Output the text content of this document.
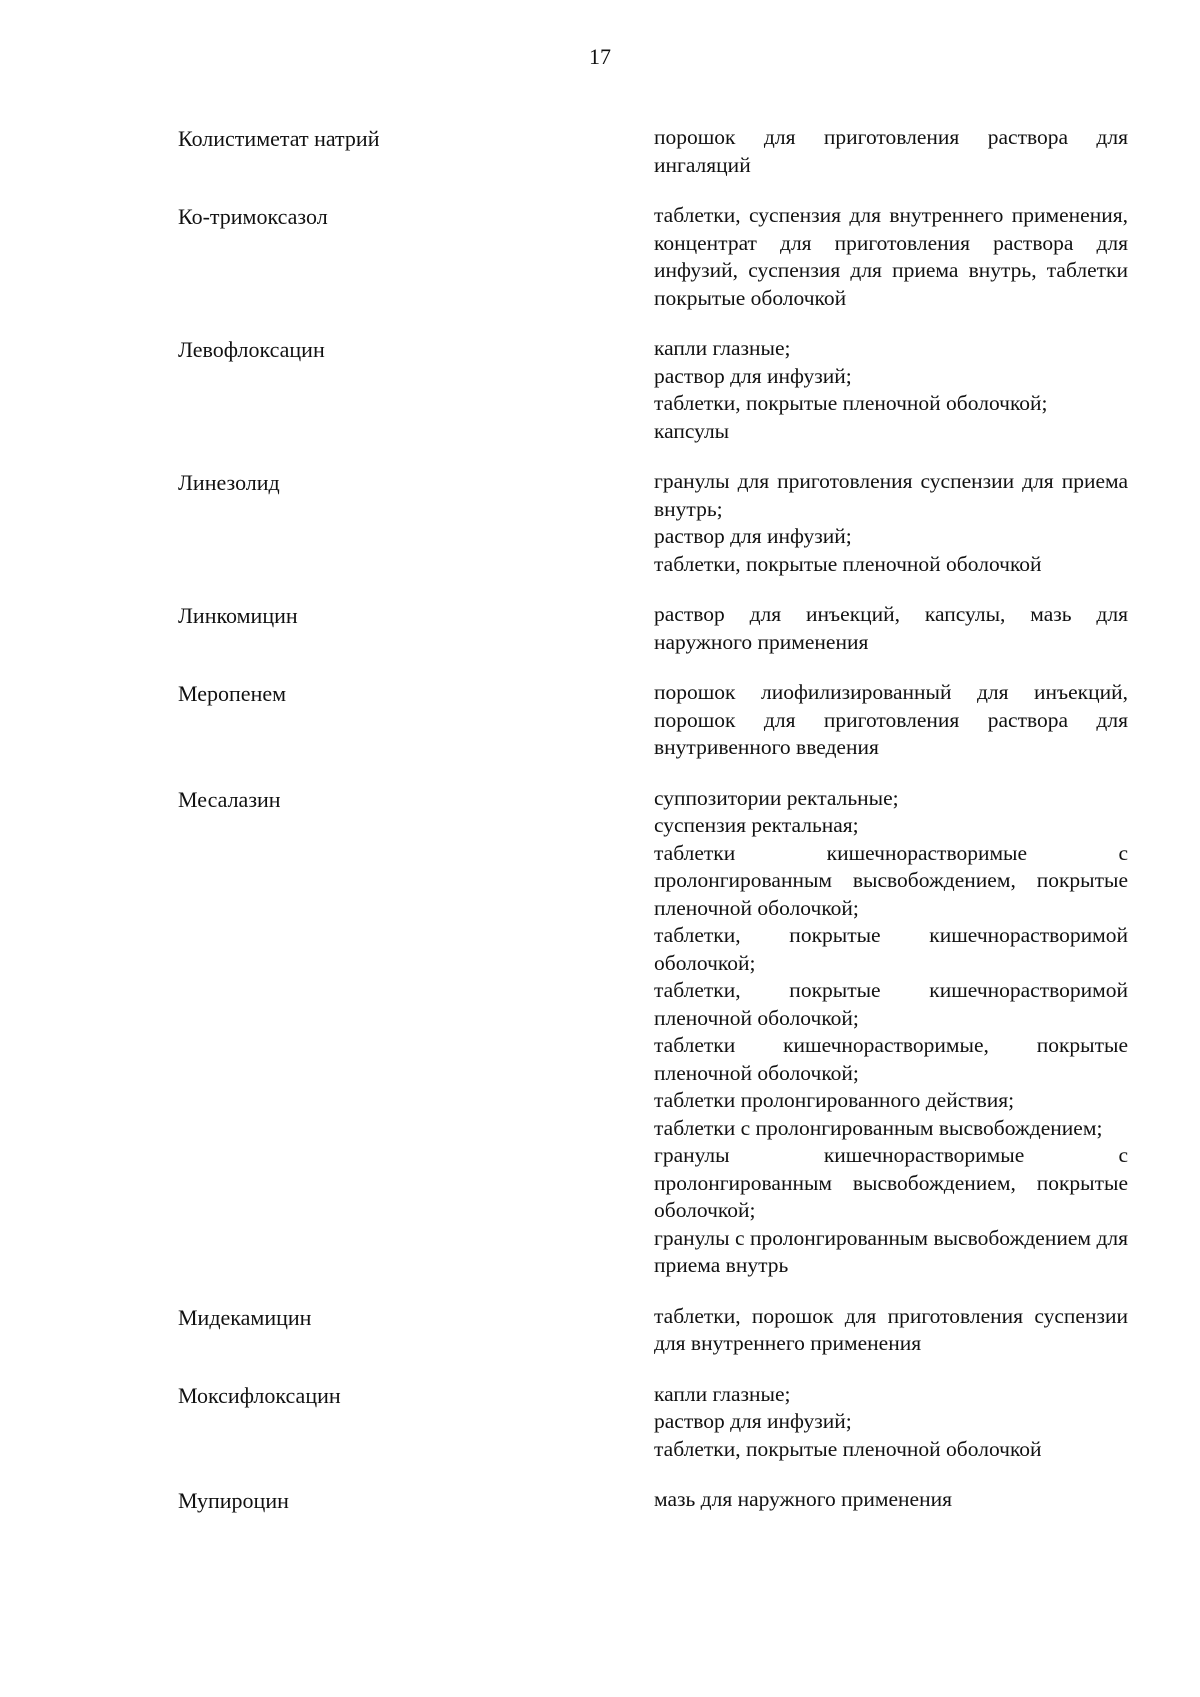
17
Колистиметат натрий	порошок для приготовления раствора для ингаляций
Ко-тримоксазол	таблетки, суспензия для внутреннего применения, концентрат для приготовления раствора для инфузий, суспензия для приема внутрь, таблетки покрытые оболочкой
Левофлоксацин	капли глазные;
раствор для инфузий;
таблетки, покрытые пленочной оболочкой;
капсулы
Линезолид	гранулы для приготовления суспензии для приема внутрь;
раствор для инфузий;
таблетки, покрытые пленочной оболочкой
Линкомицин	раствор для инъекций, капсулы, мазь для наружного применения
Меропенем	порошок лиофилизированный для инъекций, порошок для приготовления раствора для внутривенного введения
Месалазин	суппозитории ректальные;
суспензия ректальная;
таблетки кишечнорастворимые с пролонгированным высвобождением, покрытые пленочной оболочкой;
таблетки, покрытые кишечнорастворимой оболочкой;
таблетки, покрытые кишечнорастворимой пленочной оболочкой;
таблетки кишечнорастворимые, покрытые пленочной оболочкой;
таблетки пролонгированного действия;
таблетки с пролонгированным высвобождением;
гранулы кишечнорастворимые с пролонгированным высвобождением, покрытые оболочкой;
гранулы с пролонгированным высвобождением для приема внутрь
Мидекамицин	таблетки, порошок для приготовления суспензии для внутреннего применения
Моксифлоксацин	капли глазные;
раствор для инфузий;
таблетки, покрытые пленочной оболочкой
Мупироцин	мазь для наружного применения
